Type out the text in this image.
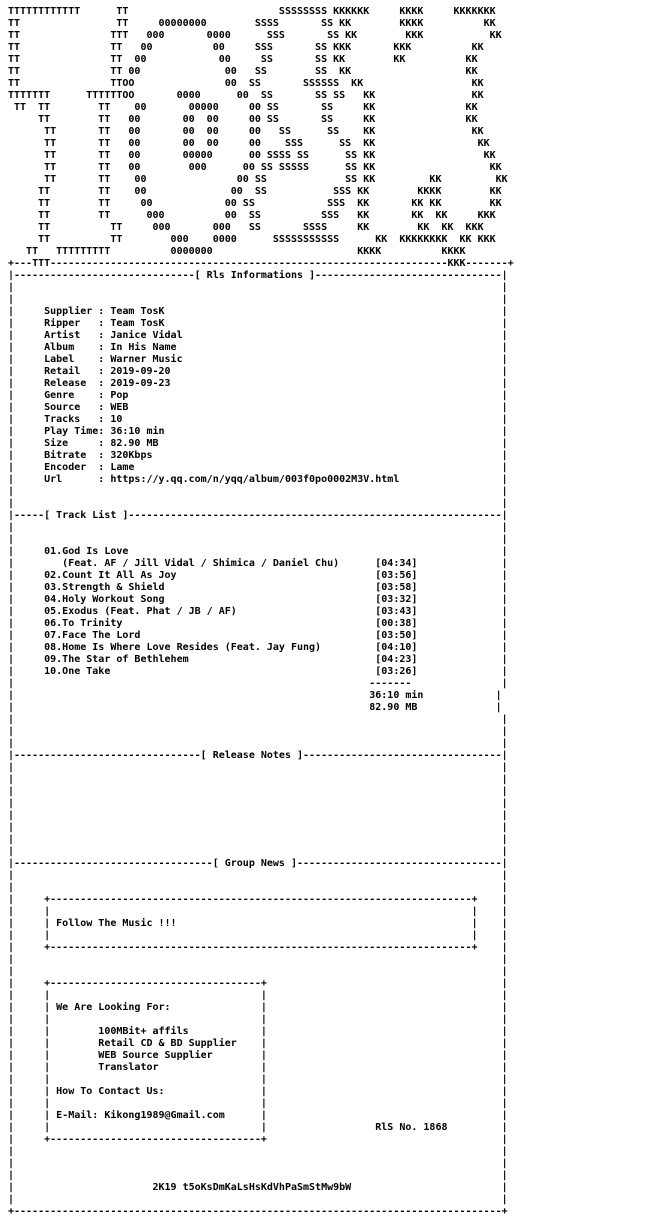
TTTTTTTTTTTT      TT                         SSSSSSSS KKKKKK     KKKK     KKKKKKK
TT                TT     00000000        SSSS       SS KK        KKKK          KK
TT               TTT   000       0000      SSS       SS KK        KKK           KK
TT               TT   00          00     SSS       SS KKK       KKK          KK
TT               TT  00            00     SS       SS KK        KK          KK
TT               TT 00              00   SS        SS  KK                   KK
TT               TTOO               00  SS       SSSSSS  KK                  KK
TTTTTTT      TTTTTTOO       0000      00  SS       SS SS   KK                KK
TT  TT        TT    00       00000     00 SS       SS     KK               KK
TT        TT   00       00  00     00 SS       SS     KK               KK
TT       TT   00       00  00     00   SS      SS    KK                KK
TT       TT   00       00  00     00    SSS      SS  KK                 KK
TT       TT   00       00000      00 SSSS SS      SS KK                  KK
TT       TT   00        000      00 SS SSSSS      SS KK                   KK
TT       TT    00               00 SS             SS KK         KK         KK
TT        TT    00              00  SS           SSS KK        KKKK        KK
TT        TT     00            00 SS            SSS  KK       KK KK        KK
TT        TT      000          00  SS          SSS   KK       KK  KK     KKK
TT          TT     000       000   SS       SSSS     KK        KK  KK  KKK
TT          TT        000    0000      SSSSSSSSSSS      KK  KKKKKKKK  KK KKK
TT   TTTTTTTTT          0000000                        KKKK          KKKK
+---TTT------------------------------------------------------------------KKK-------+
|------------------------------[ Rls Informations ]-------------------------------|
|                                                                                 |
|                                                                                 |
|     Supplier : Team TosK                                                        |
|     Ripper   : Team TosK                                                        |
|     Artist   : Janice Vidal                                                     |
|     Album    : In His Name                                                      |
|     Label    : Warner Music                                                     |
|     Retail   : 2019-09-20                                                       |
|     Release  : 2019-09-23                                                       |
|     Genre    : Pop                                                              |
|     Source   : WEB                                                              |
|     Tracks   : 10                                                               |
|     Play Time: 36:10 min                                                        |
|     Size     : 82.90 MB                                                         |
|     Bitrate  : 320Kbps                                                          |
|     Encoder  : Lame                                                             |
|     Url      : https://y.qq.com/n/yqq/album/003f0po0002M3V.html                 |
|                                                                                 |
|                                                                                 |
|-----[ Track List ]--------------------------------------------------------------|
|                                                                                 |
|                                                                                 |
|     01.God Is Love                                                              |
|        (Feat. AF / Jill Vidal / Shimica / Daniel Chu)      [04:34]              |
|     02.Count It All As Joy                                 [03:56]              |
|     03.Strength & Shield                                   [03:58]              |
|     04.Holy Workout Song                                   [03:32]              |
|     05.Exodus (Feat. Phat / JB / AF)                       [03:43]              |
|     06.To Trinity                                          [00:38]              |
|     07.Face The Lord                                       [03:50]              |
|     08.Home Is Where Love Resides (Feat. Jay Fung)         [04:10]              |
|     09.The Star of Bethlehem                               [04:23]              |
|     10.One Take                                            [03:26]              |
|                                                           -------               |
|                                                           36:10 min            |
|                                                           82.90 MB             |
|                                                                                 |
|                                                                                 |
|                                                                                 |
|-------------------------------[ Release Notes ]---------------------------------|
|                                                                                 |
|                                                                                 |
|                                                                                 |
|                                                                                 |
|                                                                                 |
|                                                                                 |
|                                                                                 |
|                                                                                 |
|---------------------------------[ Group News ]----------------------------------|
|                                                                                 |
|                                                                                 |
|     +----------------------------------------------------------------------+    |
|     |                                                                      |    |
|     | Follow The Music !!!                                                 |    |
|     |                                                                      |    |
|     +----------------------------------------------------------------------+    |
|                                                                                 |
|                                                                                 |
|     +-----------------------------------+                                       |
|     |                                   |                                       |
|     | We Are Looking For:               |                                       |
|     |                                   |                                       |
|     |        100MBit+ affils            |                                       |
|     |        Retail CD & BD Supplier    |                                       |
|     |        WEB Source Supplier        |                                       |
|     |        Translator                 |                                       |
|     |                                   |                                       |
|     | How To Contact Us:                |                                       |
|     |                                   |                                       |
|     | E-Mail: Kikong1989@Gmail.com      |                                       |
|     |                                   |                  RlS No. 1868         |
|     +-----------------------------------+                                       |
|                                                                                 |
|                                                                                 |
|                                                                                 |
|                       2K19 t5oKsDmKaLsHsKdVhPaSmStMw9bW                         |
|                                                                                 |
+---------------------------------------------------------------------------------+
